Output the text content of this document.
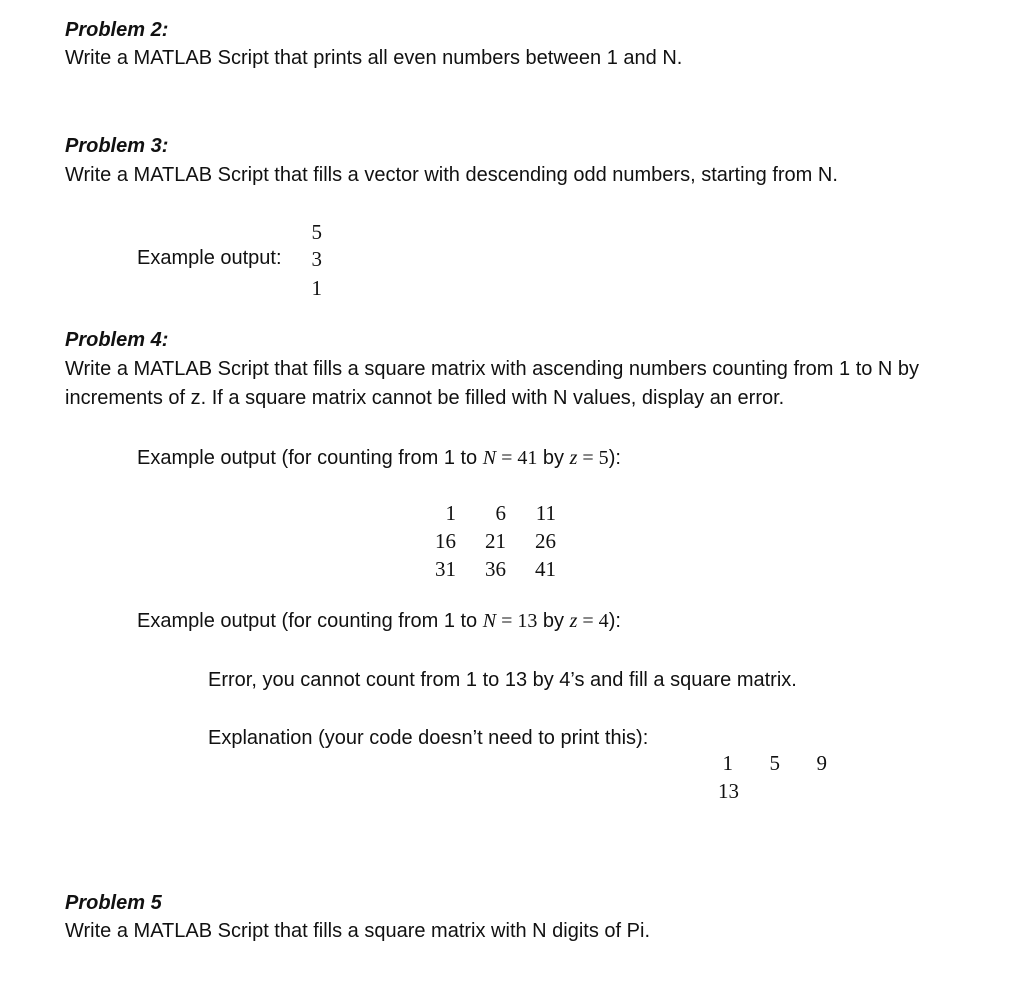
Problem 2:
Write a MATLAB Script that prints all even numbers between 1 and N.
Problem 3:
Write a MATLAB Script that fills a vector with descending odd numbers, starting from N.
Example output:
5
3
1
Problem 4:
Write a MATLAB Script that fills a square matrix with ascending numbers counting from 1 to N by
increments of z. If a square matrix cannot be filled with N values, display an error.
Example output (for counting from 1 to N = 41 by z = 5):
1	6	11
16	21	26
31	36	41
Example output (for counting from 1 to N = 13 by z = 4):
Error, you cannot count from 1 to 13 by 4’s and fill a square matrix.
Explanation (your code doesn’t need to print this):
1	5	9
13
Problem 5
Write a MATLAB Script that fills a square matrix with N digits of Pi.
